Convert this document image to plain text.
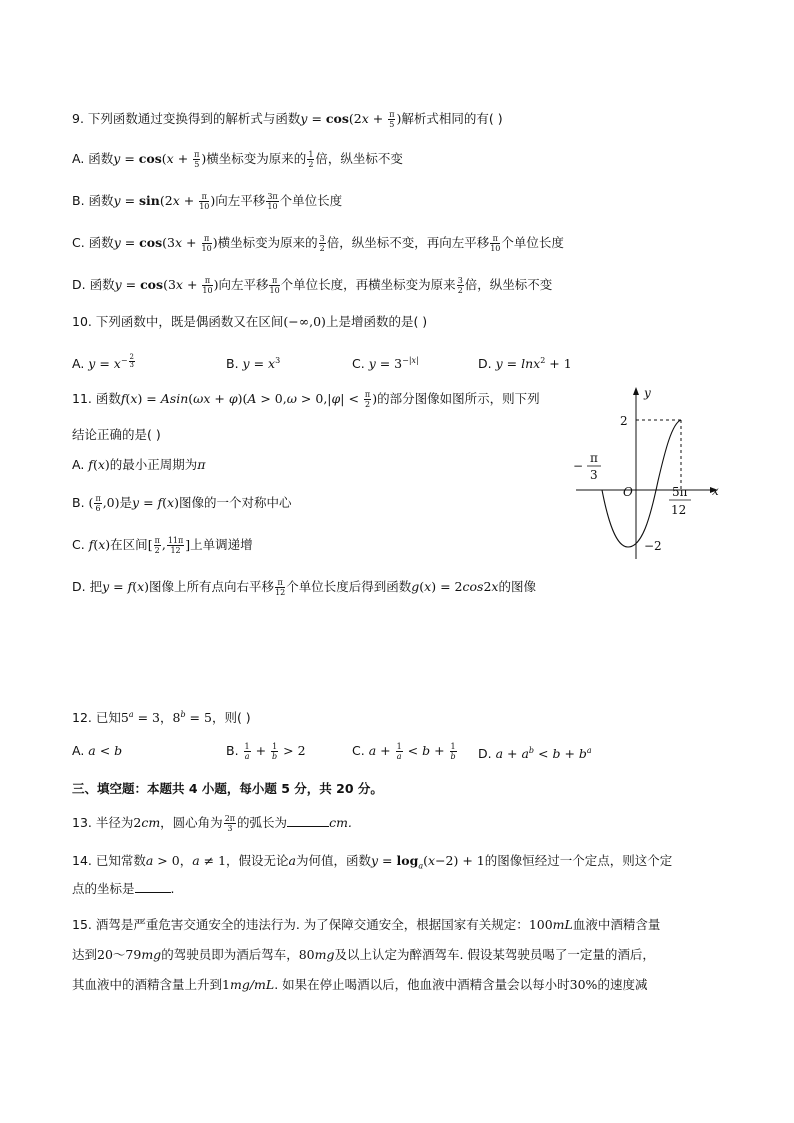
9. 下列函数通过变换得到的解析式与函数$y = \cos(2x + \frac{\pi}{5}$ )解析式相同的有( )
A. 函数$y = \cos(x + \frac{\pi}{5}$ )横坐标变为原来的 $\frac{1}{2}$ 倍，纵坐标不变
B. 函数$y = \sin(2x + \frac{\pi}{10}$ )向左平移 $\frac{3\pi}{10}$ 个单位长度
C. 函数$y = \cos(3x + \frac{\pi}{10}$ )横坐标变为原来的 $\frac{3}{2}$ 倍，纵坐标不变，再向左平移 $\frac{\pi}{10}$ 个单位长度
D. 函数$y = \cos(3x + \frac{\pi}{10}$ )向左平移 $\frac{\pi}{10}$ 个单位长度，再横坐标变为原来 $\frac{3}{2}$ 倍，纵坐标不变
10. 下列函数中，既是偶函数又在区间(−∞,0)上是增函数的是( )
A. $y = x^{- \frac{2}{3}}$	B. $y = x^3$	C. $y = 3^{-|x|}$	D. y = lnx$^2$ + 1
11. 函数$f(x) = Asin(\omega x + \varphi)(A > 0,\omega > 0,|\varphi| < \frac{\pi}{2}$ )的部分图像如图所示，则下列
结论正确的是( )
A. f(x)的最小正周期为π
B. ( $\frac{\pi}{6} ,0$)是y = f(x)图像的一个对称中心
C. f(x)在区间[ $\frac{\pi}{2}$ , $\frac{11\pi}{12}$ ]上单调递增
D. 把y = f(x)图像上所有点向右平移 $\frac{\pi}{12}$ 个单位长度后得到函数g(x) = 2cos2x的图像
y
x
O
2
−2
−
π
3
5π
12
12. 已知$5^a = 3$，$8^b = 5$，则( )
A. a < b	B. $\frac{1}{a} + \frac{1}{b} > 2$	C. $a + \frac{1}{a} < b + \frac{1}{b} D$. $a + a^b < b + b^a$
三、填空题：本题共 4 小题，每小题 5 分，共 20 分。
13. 半径为2cm，圆心角为 $\frac{2\pi}{3}$ 的弧长为	cm.
14. 已知常数a > 0，a ≠ 1，假设无论a为何值，函数$y = \log_a(x-2) + 1$的图像恒经过一个定点，则这个定
点的坐标是	.
15. 酒驾是严重危害交通安全的违法行为. 为了保障交通安全，根据国家有关规定：100mL血液中酒精含量
达到20～79mg的驾驶员即为酒后驾车，80mg及以上认定为醉酒驾车. 假设某驾驶员喝了一定量的酒后，
其血液中的酒精含量上升到1mg/mL. 如果在停止喝酒以后，他血液中酒精含量会以每小时30%的速度减
